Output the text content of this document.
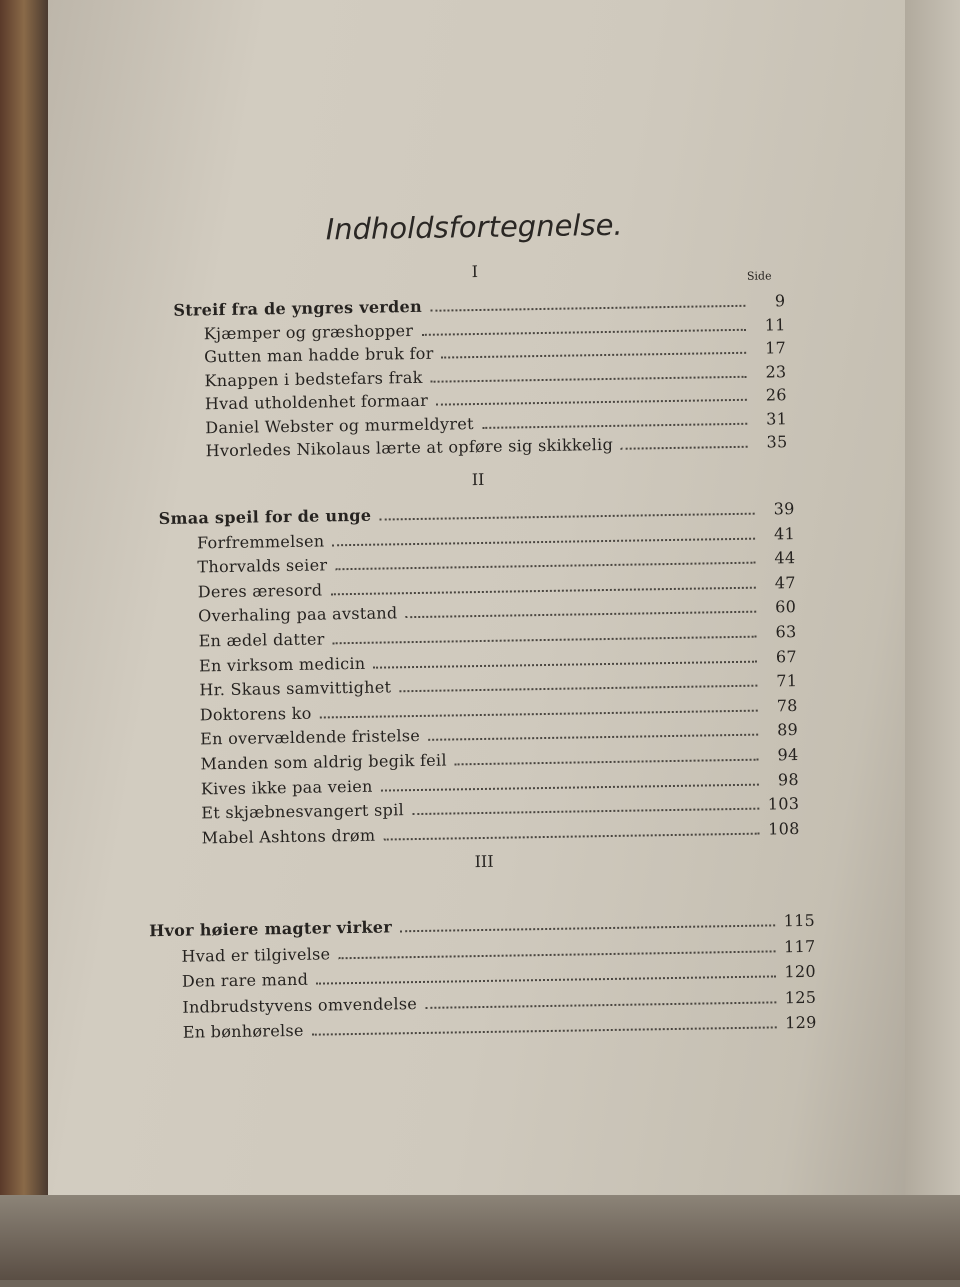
Indholdsfortegnelse.
Side
I
Streif fra de yngres verden	9
Kjæmper og græshopper	11
Gutten man hadde bruk for	17
Knappen i bedstefars frak	23
Hvad utholdenhet formaar	26
Daniel Webster og murmeldyret	31
Hvorledes Nikolaus lærte at opføre sig skikkelig	35
II
Smaa speil for de unge	39
Forfremmelsen	41
Thorvalds seier	44
Deres æresord	47
Overhaling paa avstand	60
En ædel datter	63
En virksom medicin	67
Hr. Skaus samvittighet	71
Doktorens ko	78
En overvældende fristelse	89
Manden som aldrig begik feil	94
Kives ikke paa veien	98
Et skjæbnesvangert spil	103
Mabel Ashtons drøm	108
III
Hvor høiere magter virker	115
Hvad er tilgivelse	117
Den rare mand	120
Indbrudstyvens omvendelse	125
En bønhørelse	129
